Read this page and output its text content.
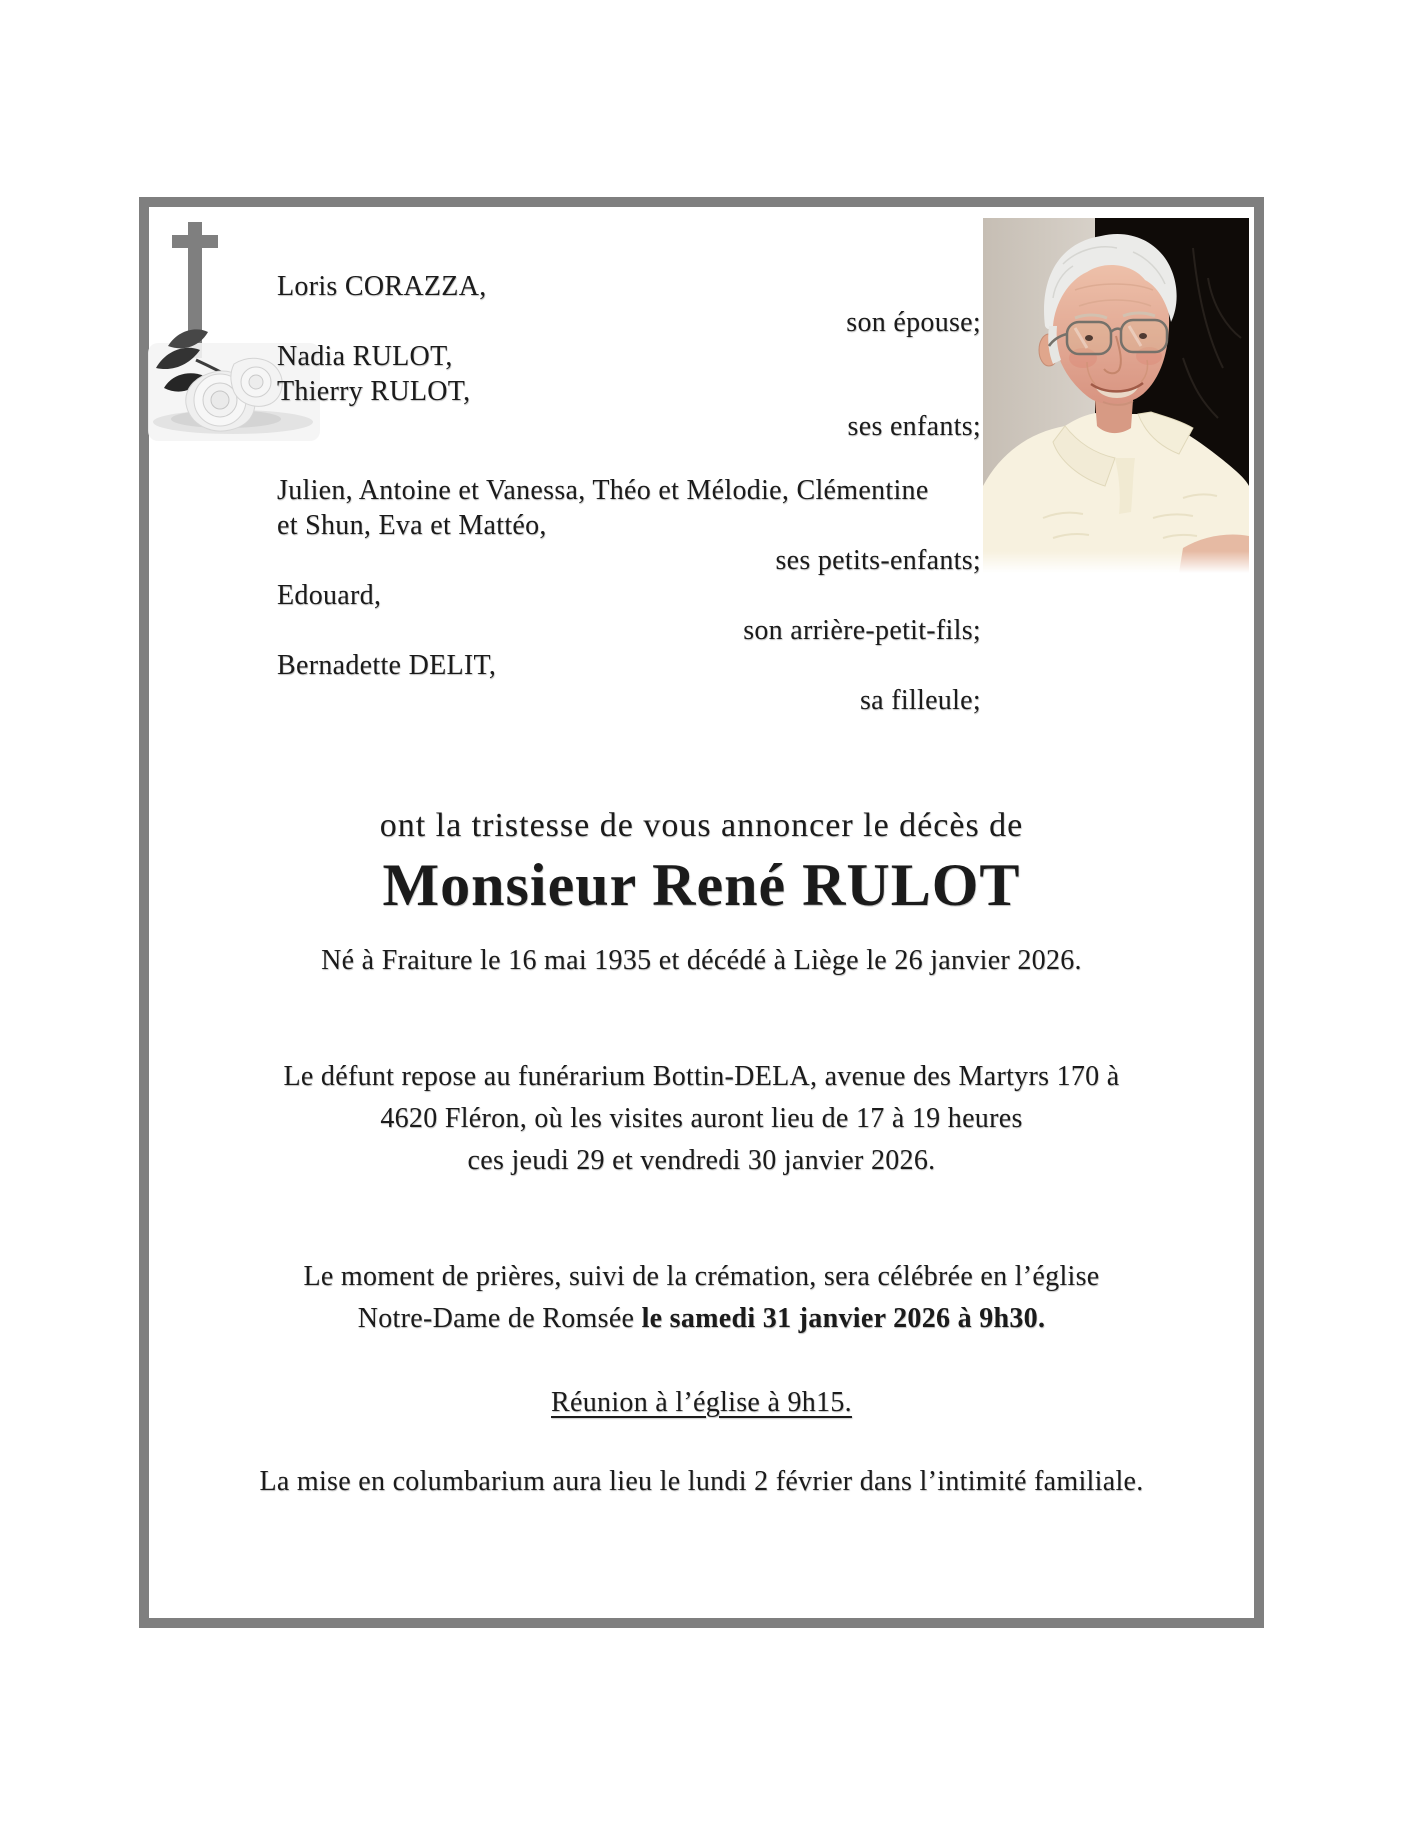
Loris CORAZZA,
son épouse;
Nadia RULOT,
Thierry RULOT,
ses enfants;
Julien, Antoine et Vanessa, Théo et Mélodie, Clémentine
et Shun, Eva et Mattéo,
ses petits-enfants;
Edouard,
son arrière-petit-fils;
Bernadette DELIT,
sa filleule;
ont la tristesse de vous annoncer le décès de
Monsieur René RULOT
Né à Fraiture le 16 mai 1935 et décédé à Liège le 26 janvier 2026.
Le défunt repose au funérarium Bottin-DELA, avenue des Martyrs 170 à
4620 Fléron, où les visites auront lieu de 17 à 19 heures
ces jeudi 29 et vendredi 30 janvier 2026.
Le moment de prières, suivi de la crémation, sera célébrée en l’église
Notre-Dame de Romsée le samedi 31 janvier 2026 à 9h30.
Réunion à l’église à 9h15.
La mise en columbarium aura lieu le lundi 2 février dans l’intimité familiale.
